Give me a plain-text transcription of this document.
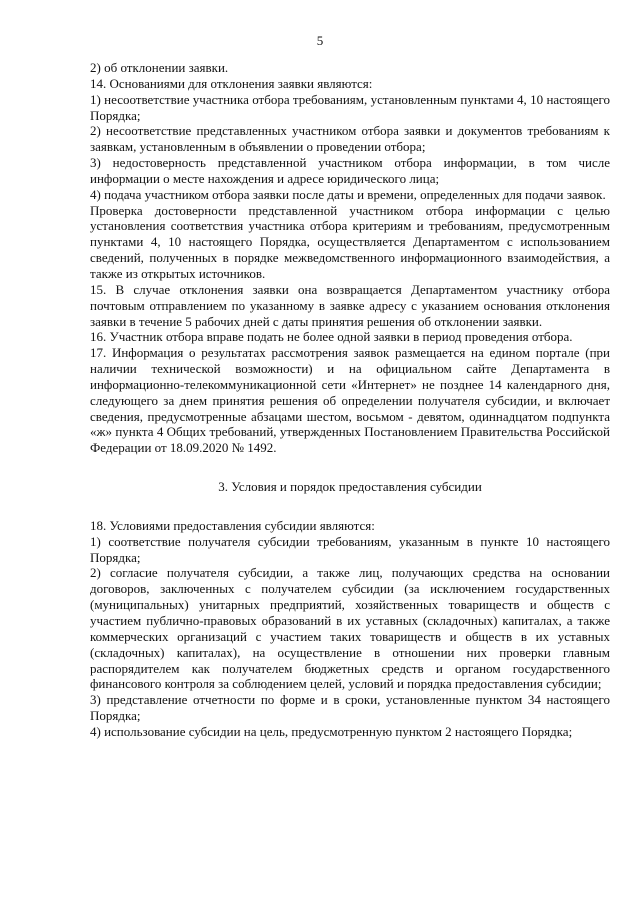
5

2) об отклонении заявки.

14. Основаниями для отклонения заявки являются:

1) несоответствие участника отбора требованиям, установленным пунктами 4, 10 настоящего Порядка;

2) несоответствие представленных участником отбора заявки и документов требованиям к заявкам, установленным в объявлении о проведении отбора;

3) недостоверность представленной участником отбора информации, в том числе информации о месте нахождения и адресе юридического лица;

4) подача участником отбора заявки после даты и времени, определенных для подачи заявок.

Проверка достоверности представленной участником отбора информации с целью установления соответствия участника отбора критериям и требованиям, предусмотренным пунктами 4, 10 настоящего Порядка, осуществляется Департаментом с использованием сведений, полученных в порядке межведомственного информационного взаимодействия, а также из открытых источников.

15. В случае отклонения заявки она возвращается Департаментом участнику отбора почтовым отправлением по указанному в заявке адресу с указанием основания отклонения заявки в течение 5 рабочих дней с даты принятия решения об отклонении заявки.

16. Участник отбора вправе подать не более одной заявки в период проведения отбора.

17. Информация о результатах рассмотрения заявок размещается на едином портале (при наличии технической возможности) и на официальном сайте Департамента в информационно-телекоммуникационной сети «Интернет» не позднее 14 календарного дня, следующего за днем принятия решения об определении получателя субсидии, и включает сведения, предусмотренные абзацами шестом, восьмом - девятом, одиннадцатом подпункта «ж» пункта 4 Общих требований, утвержденных Постановлением Правительства Российской Федерации от 18.09.2020 № 1492.

3. Условия и порядок предоставления субсидии

18. Условиями предоставления субсидии являются:

1) соответствие получателя субсидии требованиям, указанным в пункте 10 настоящего Порядка;

2) согласие получателя субсидии, а также лиц, получающих средства на основании договоров, заключенных с получателем субсидии (за исключением государственных (муниципальных) унитарных предприятий, хозяйственных товариществ и обществ с участием публично-правовых образований в их уставных (складочных) капиталах, а также коммерческих организаций с участием таких товариществ и обществ в их уставных (складочных) капиталах), на осуществление в отношении них проверки главным распорядителем как получателем бюджетных средств и органом государственного финансового контроля за соблюдением целей, условий и порядка предоставления субсидии;

3) представление отчетности по форме и в сроки, установленные пунктом 34 настоящего Порядка;

4) использование субсидии на цель, предусмотренную пунктом 2 настоящего Порядка;
